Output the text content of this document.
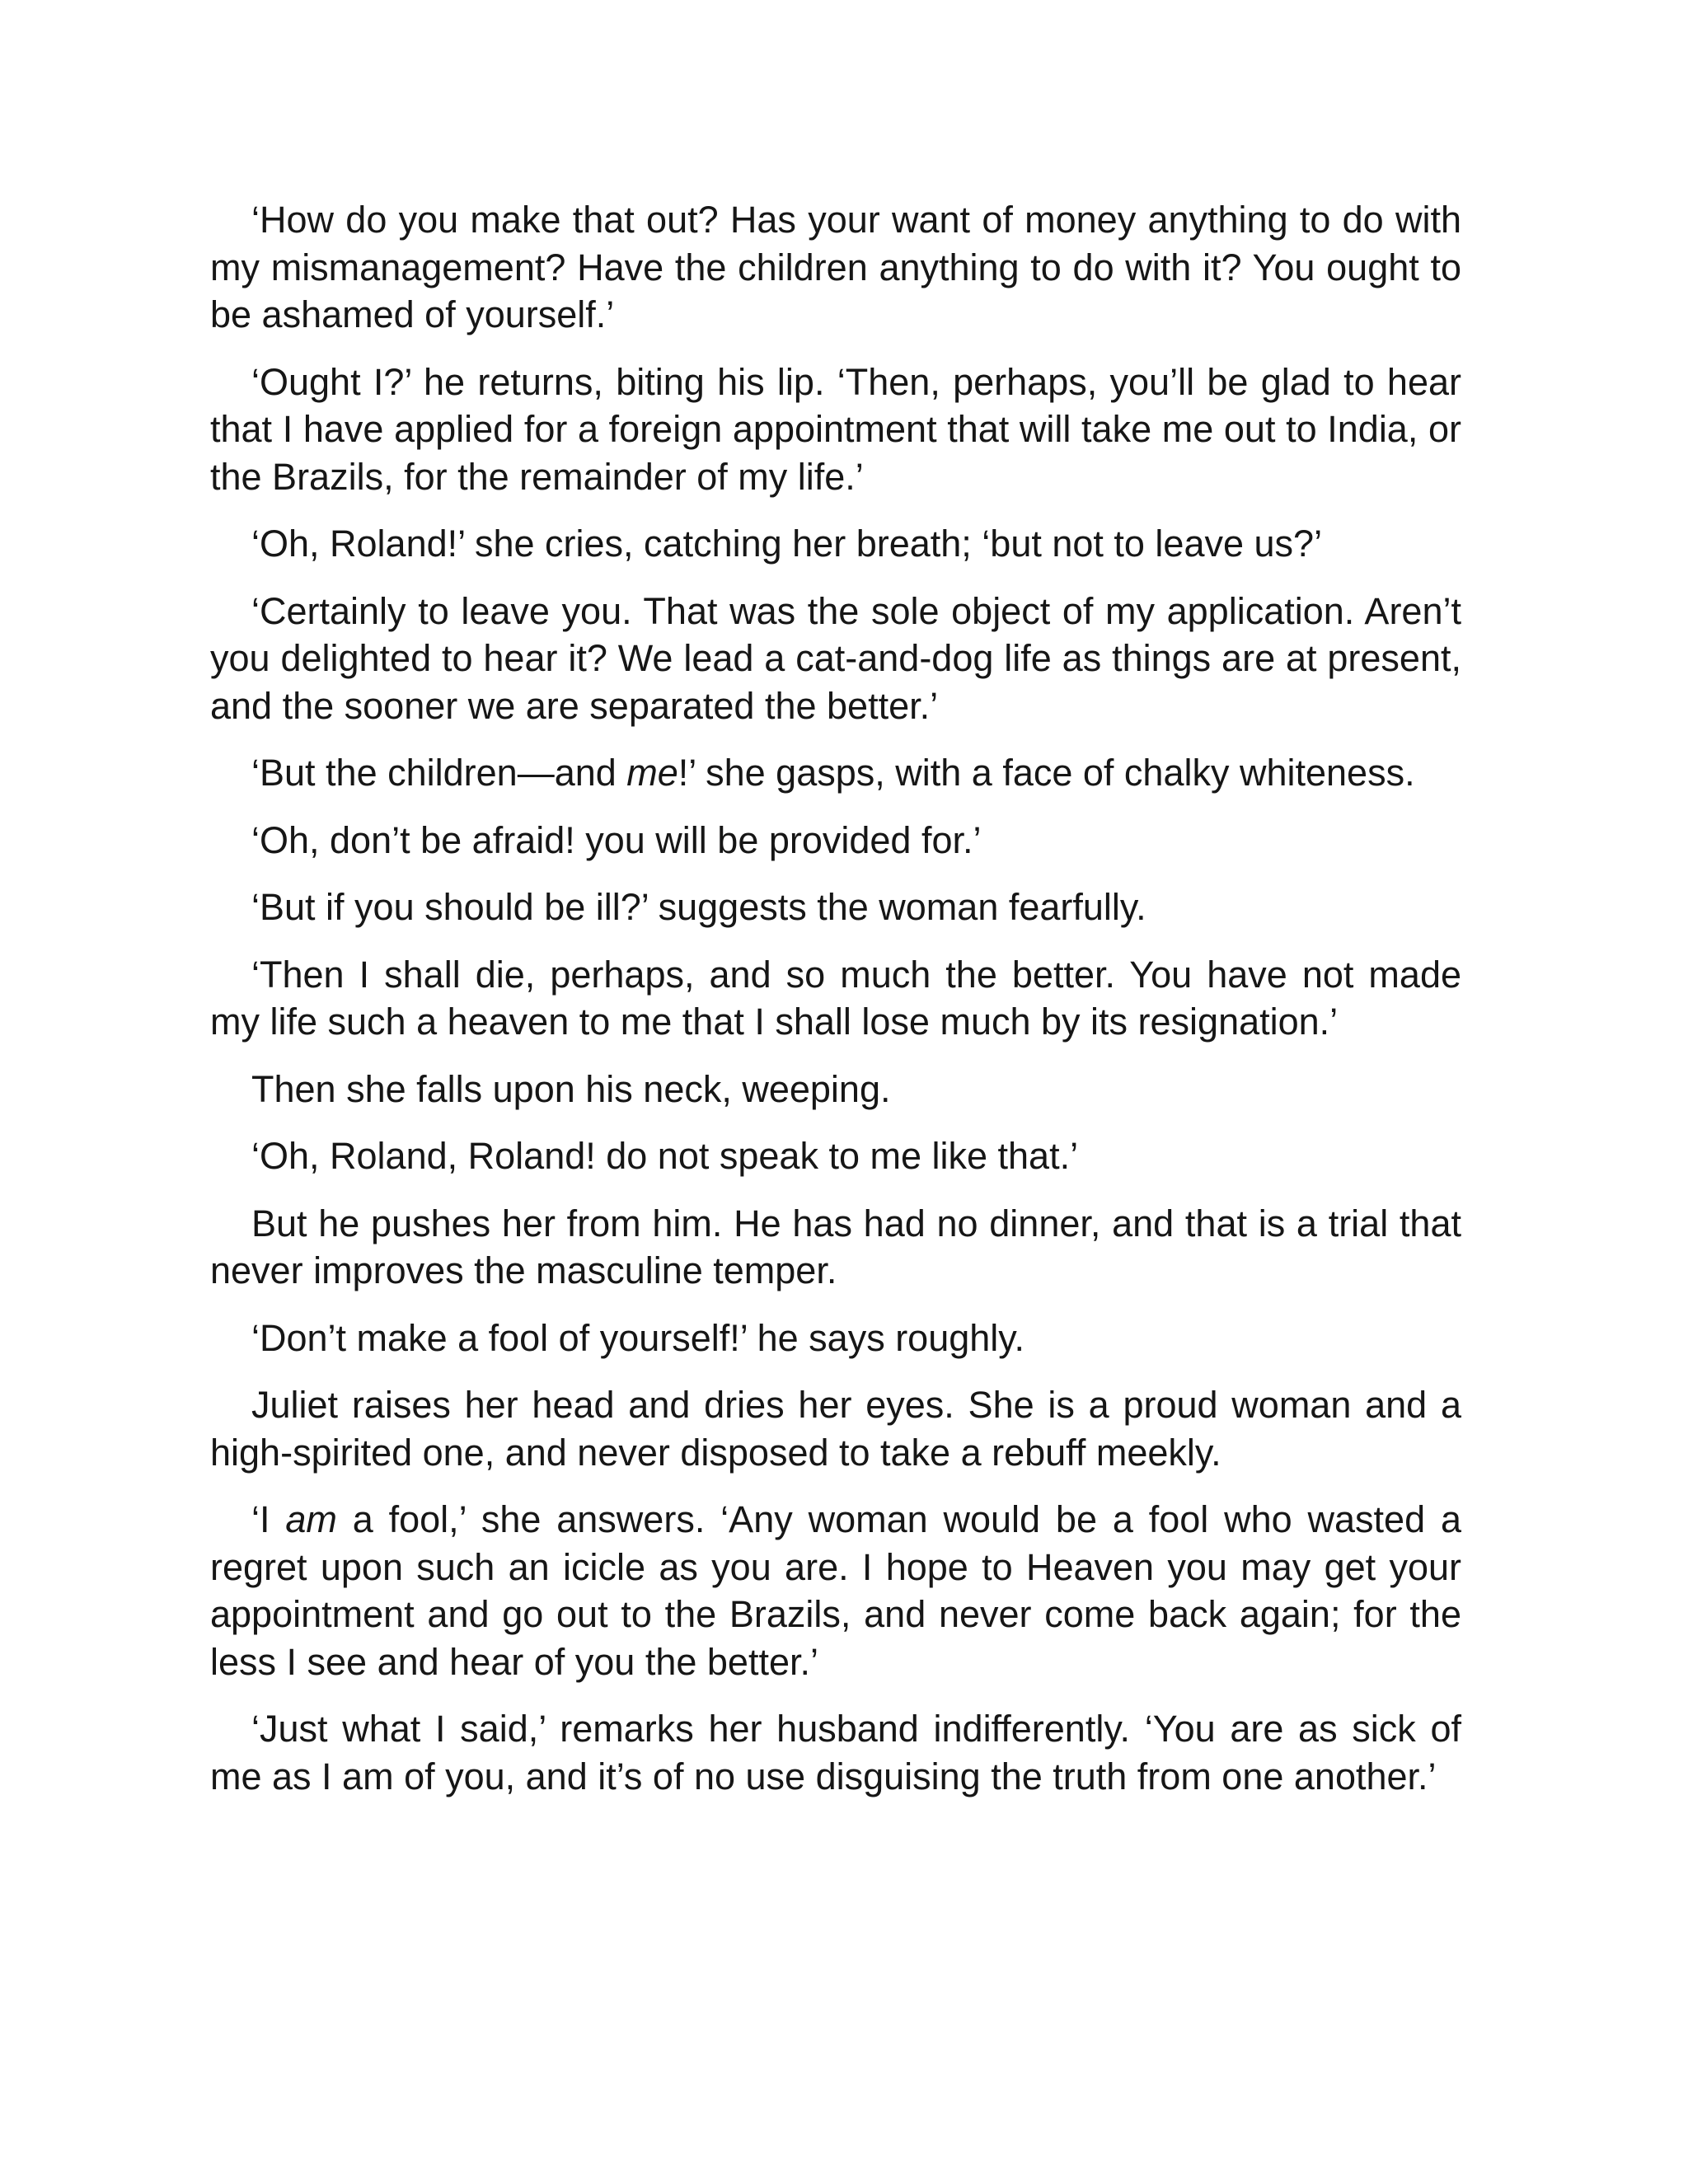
‘How do you make that out? Has your want of money anything to do with my mismanagement? Have the children anything to do with it? You ought to be ashamed of yourself.’

‘Ought I?’ he returns, biting his lip. ‘Then, perhaps, you’ll be glad to hear that I have applied for a foreign appointment that will take me out to India, or the Brazils, for the remainder of my life.’

‘Oh, Roland!’ she cries, catching her breath; ‘but not to leave us?’

‘Certainly to leave you. That was the sole object of my application. Aren’t you delighted to hear it? We lead a cat-and-dog life as things are at present, and the sooner we are separated the better.’

‘But the children—and me!’ she gasps, with a face of chalky whiteness.

‘Oh, don’t be afraid! you will be provided for.’

‘But if you should be ill?’ suggests the woman fearfully.

‘Then I shall die, perhaps, and so much the better. You have not made my life such a heaven to me that I shall lose much by its resignation.’

Then she falls upon his neck, weeping.

‘Oh, Roland, Roland! do not speak to me like that.’

But he pushes her from him. He has had no dinner, and that is a trial that never improves the masculine temper.

‘Don’t make a fool of yourself!’ he says roughly.

Juliet raises her head and dries her eyes. She is a proud woman and a high-spirited one, and never disposed to take a rebuff meekly.

‘I am a fool,’ she answers. ‘Any woman would be a fool who wasted a regret upon such an icicle as you are. I hope to Heaven you may get your appointment and go out to the Brazils, and never come back again; for the less I see and hear of you the better.’

‘Just what I said,’ remarks her husband indifferently. ‘You are as sick of me as I am of you, and it’s of no use disguising the truth from one another.’
